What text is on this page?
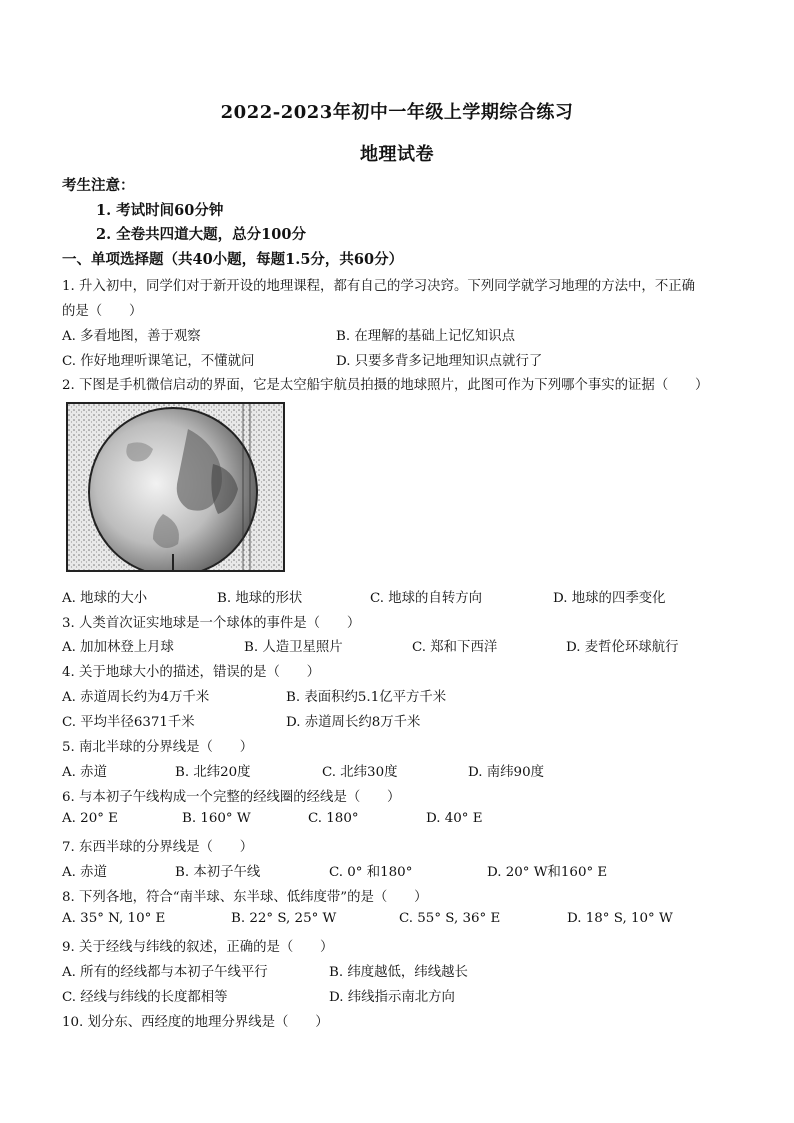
2022-2023年初中一年级上学期综合练习
地理试卷
考生注意：
1. 考试时间60分钟
2. 全卷共四道大题，总分100分
一、单项选择题（共40小题，每题1.5分，共60分）
1. 升入初中，同学们对于新开设的地理课程，都有自己的学习决窍。下列同学就学习地理的方法中，不正确
的是（　　）
A. 多看地图，善于观察	B. 在理解的基础上记忆知识点
C. 作好地理听课笔记，不懂就问	D. 只要多背多记地理知识点就行了
2. 下图是手机微信启动的界面，它是太空船宇航员拍摄的地球照片，此图可作为下列哪个事实的证据（　　）
A. 地球的大小	B. 地球的形状	C. 地球的自转方向	D. 地球的四季变化
3. 人类首次证实地球是一个球体的事件是（　　）
A. 加加林登上月球	B. 人造卫星照片	C. 郑和下西洋	D. 麦哲伦环球航行
4. 关于地球大小的描述，错误的是（　　）
A. 赤道周长约为4万千米	B. 表面积约5.1亿平方千米
C. 平均半径6371千米	D. 赤道周长约8万千米
5. 南北半球的分界线是（　　）
A. 赤道	B. 北纬20度	C. 北纬30度	D. 南纬90度
6. 与本初子午线构成一个完整的经线圈的经线是（　　）
A. 20° E	B. 160° W	C. 180°	D. 40° E
7. 东西半球的分界线是（　　）
A. 赤道	B. 本初子午线	C. 0° 和180°	D. 20° W和160° E
8. 下列各地，符合“南半球、东半球、低纬度带”的是（　　）
A. 35° N, 10° E	B. 22° S, 25° W	C. 55° S, 36° E	D. 18° S, 10° W
9. 关于经线与纬线的叙述，正确的是（　　）
A. 所有的经线都与本初子午线平行	B. 纬度越低，纬线越长
C. 经线与纬线的长度都相等	D. 纬线指示南北方向
10. 划分东、西经度的地理分界线是（　　）
